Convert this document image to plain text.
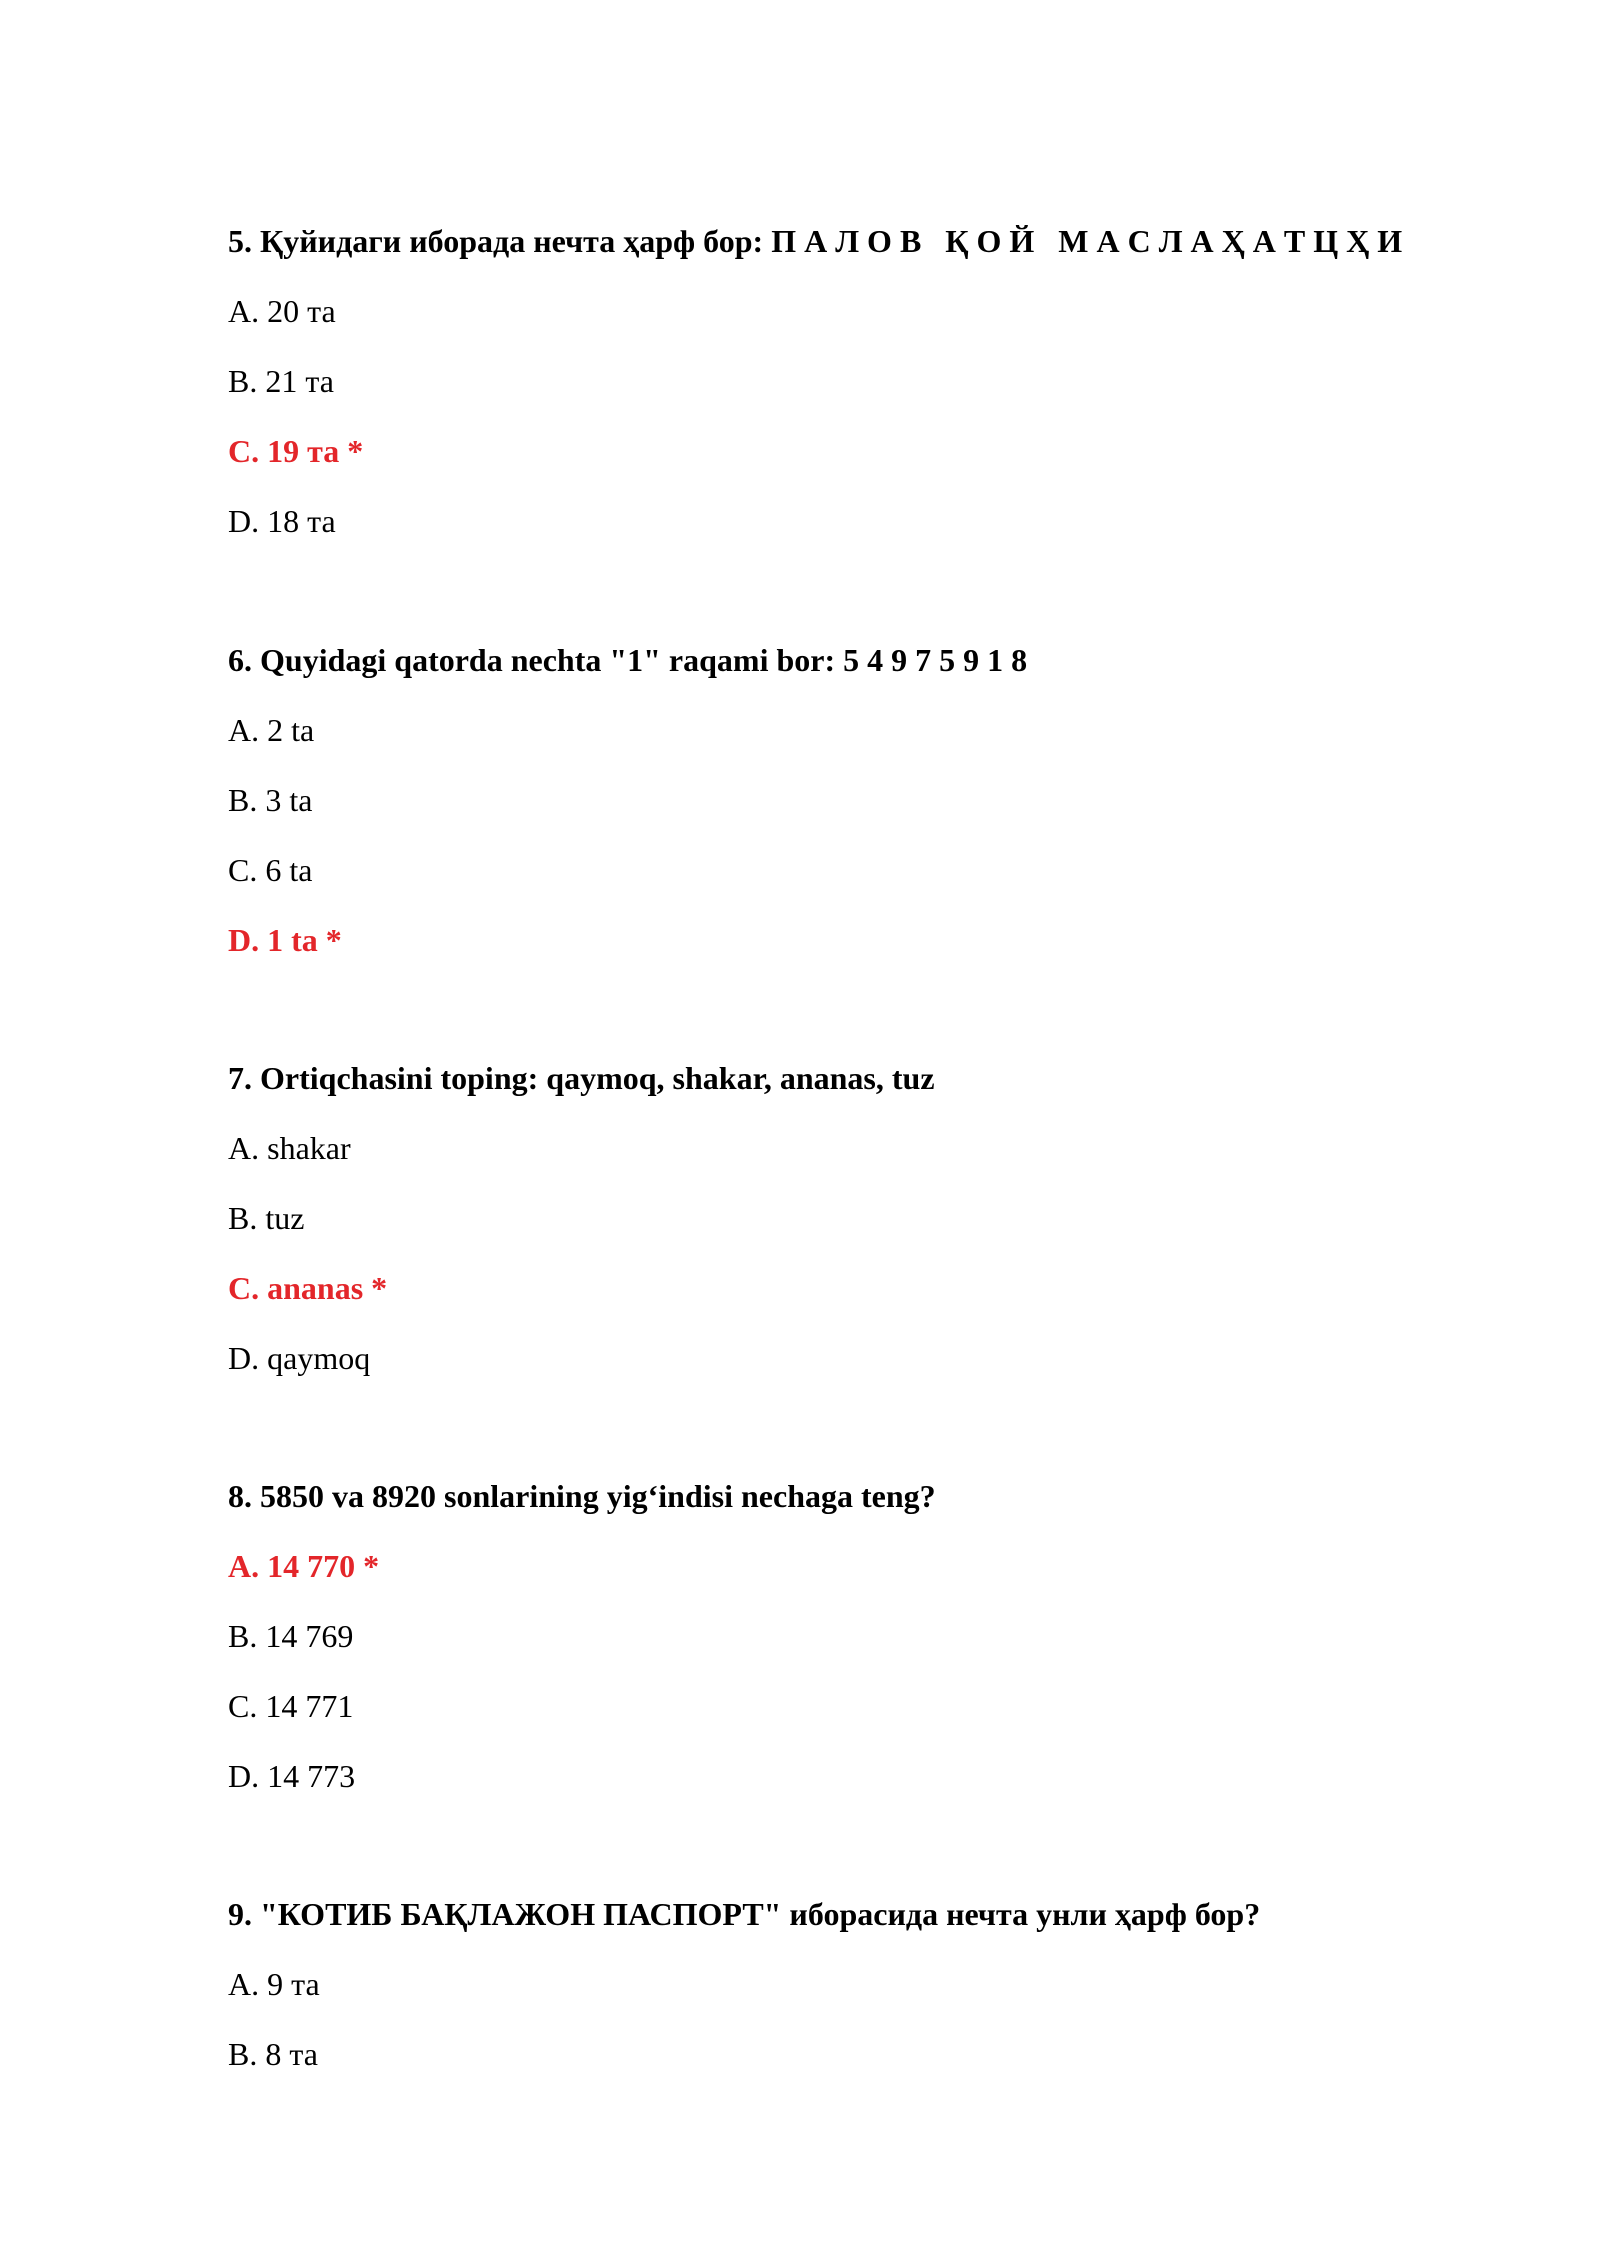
5. Қуйидаги иборада нечта ҳарф бор: П А Л О В   Қ О Й   М А С Л А Ҳ А Т Ц Ҳ И
A. 20 та
B. 21 та
C. 19 та *
D. 18 та
6. Quyidagi qatorda nechta "1" raqami bor: 5 4 9 7 5 9 1 8
A. 2 ta
B. 3 ta
C. 6 ta
D. 1 ta *
7. Ortiqchasini toping: qaymoq, shakar, ananas, tuz
A. shakar
B. tuz
C. ananas *
D. qaymoq
8. 5850 va 8920 sonlarining yig‘indisi nechaga teng?
A. 14 770 *
B. 14 769
C. 14 771
D. 14 773
9. "КОТИБ БАҚЛАЖОН ПАСПОРТ" иборасида нечта унли ҳарф бор?
A. 9 та
B. 8 та
